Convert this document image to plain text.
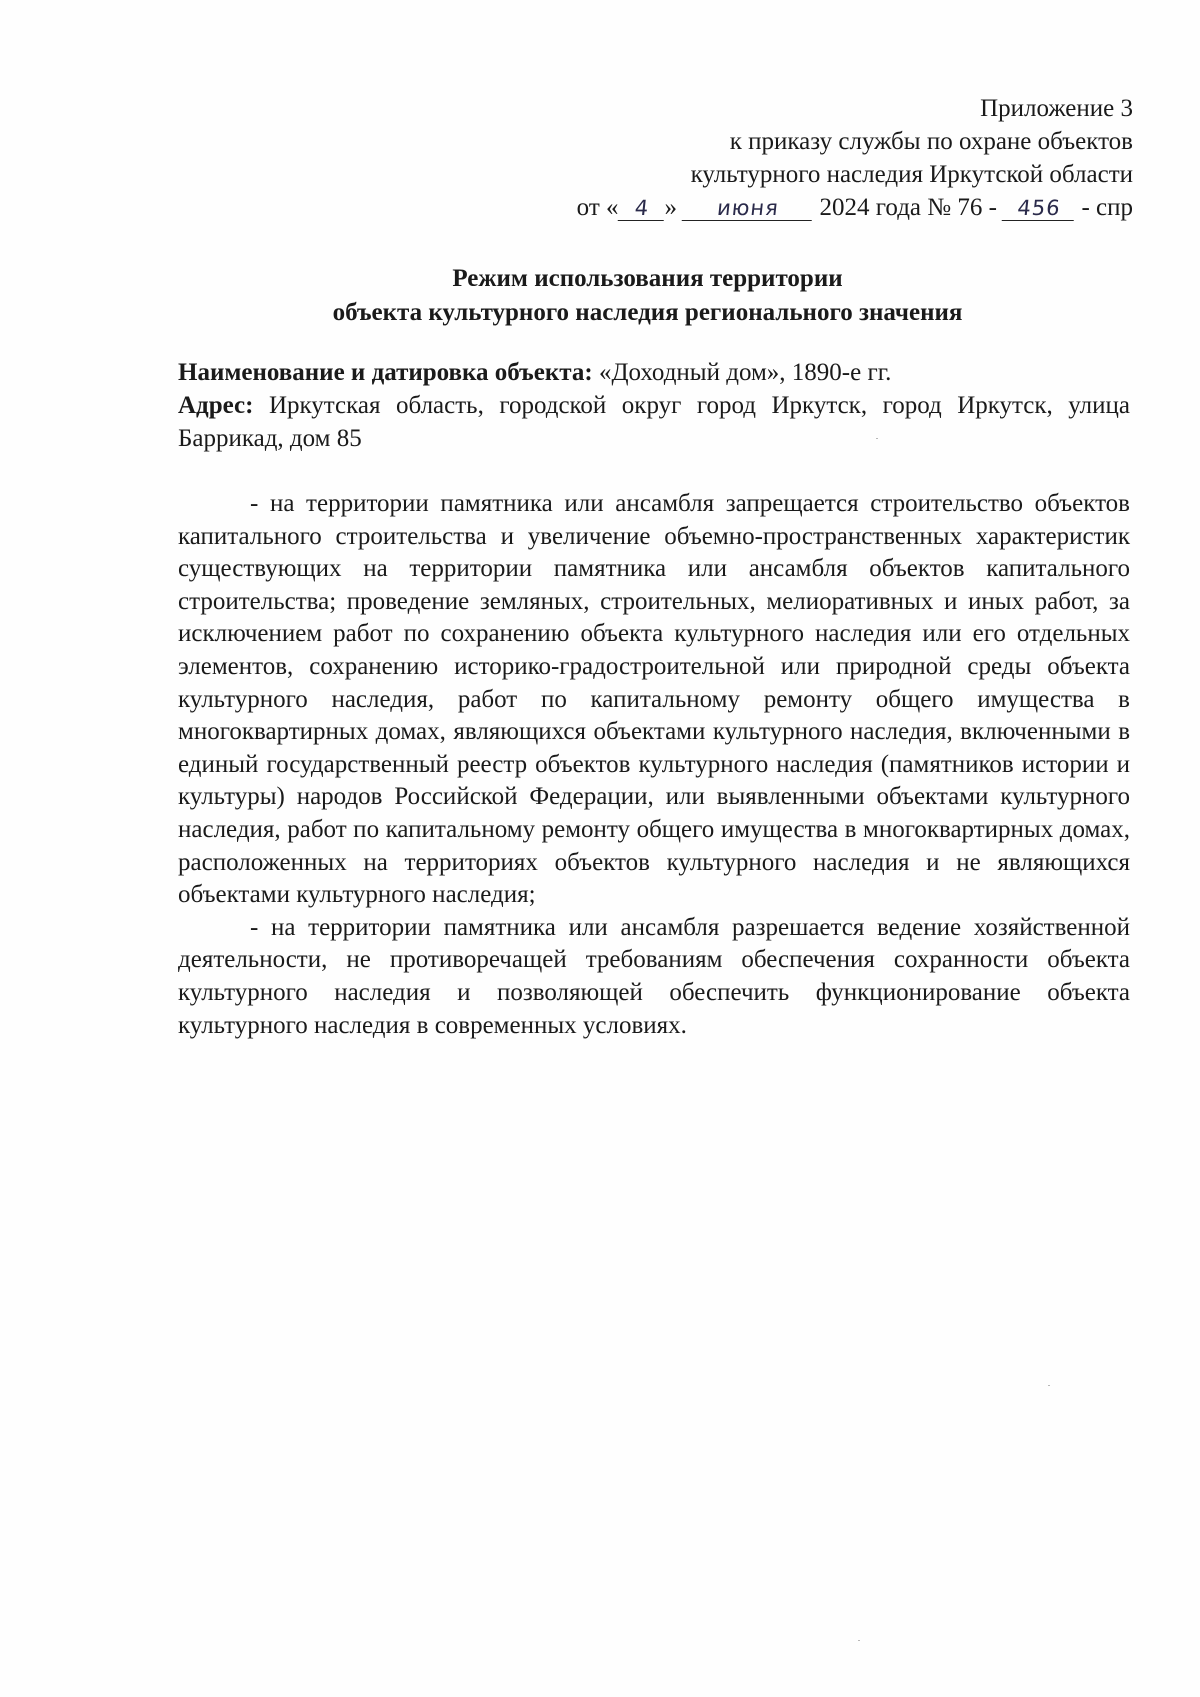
Приложение 3
к приказу службы по охране объектов
культурного наследия Иркутской области
от « 4 » июня 2024 года № 76 - 456 - спр
Режим использования территории
объекта культурного наследия регионального значения

Наименование и датировка объекта: «Доходный дом», 1890-е гг.

Адрес: Иркутская область, городской округ город Иркутск, город Иркутск, улица Баррикад, дом 85

- на территории памятника или ансамбля запрещается строительство объектов капитального строительства и увеличение объемно-пространственных характеристик существующих на территории памятника или ансамбля объектов капитального строительства; проведение земляных, строительных, мелиоративных и иных работ, за исключением работ по сохранению объекта культурного наследия или его отдельных элементов, сохранению историко-градостроительной или природной среды объекта культурного наследия, работ по капитальному ремонту общего имущества в многоквартирных домах, являющихся объектами культурного наследия, включенными в единый государственный реестр объектов культурного наследия (памятников истории и культуры) народов Российской Федерации, или выявленными объектами культурного наследия, работ по капитальному ремонту общего имущества в многоквартирных домах, расположенных на территориях объектов культурного наследия и не являющихся объектами культурного наследия;

- на территории памятника или ансамбля разрешается ведение хозяйственной деятельности, не противоречащей требованиям обеспечения сохранности объекта культурного наследия и позволяющей обеспечить функционирование объекта культурного наследия в современных условиях.
